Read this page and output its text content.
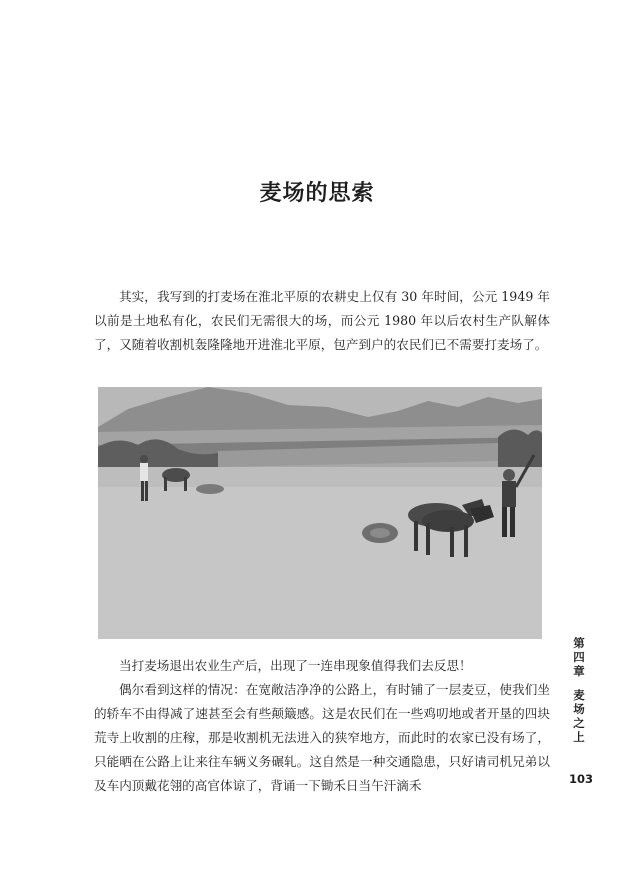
麦场的思索

其实，我写到的打麦场在淮北平原的农耕史上仅有 30 年时间，公元 1949 年以前是土地私有化，农民们无需很大的场，而公元 1980 年以后农村生产队解体了，又随着收割机轰隆隆地开进淮北平原，包产到户的农民们已不需要打麦场了。

当打麦场退出农业生产后，出现了一连串现象值得我们去反思！

偶尔看到这样的情况：在宽敞洁净净的公路上，有时铺了一层麦豆，使我们坐的轿车不由得减了速甚至会有些颠簸感。这是农民们在一些鸡叨地或者开垦的四块荒寺上收割的庄稼，那是收割机无法进入的狭窄地方，而此时的农家已没有场了，只能晒在公路上让来往车辆义务碾轧。这自然是一种交通隐患，只好请司机兄弟以及车内顶戴花翎的高官体谅了，背诵一下锄禾日当午汗滴禾

第四章
麦场之上
103
